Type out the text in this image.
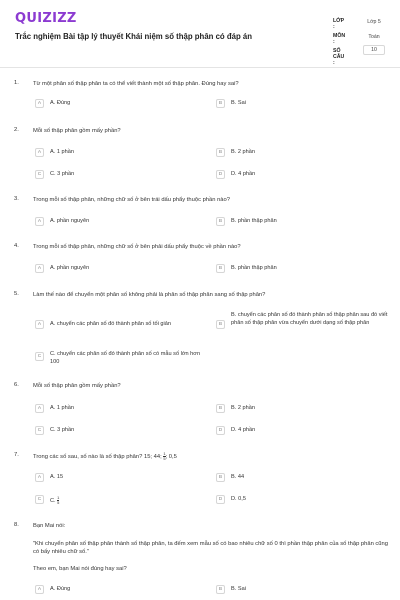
QUIZIZZ
Trắc nghiệm Bài tập lý thuyết Khái niệm số thập phân có đáp án
LỚP :
Lớp 5
MÔN :
Toán
SỐ CÂU :
10
1. Từ một phân số thập phân ta có thể viết thành một số thập phân. Đúng hay sai?
A	A. Đúng	B	B. Sai
2. Mỗi số thập phân gồm mấy phần?
A	A. 1 phần	B	B. 2 phần
C	C. 3 phần	D	D. 4 phần
3. Trong mỗi số thập phân, những chữ số ở bên trái dấu phẩy thuộc phần nào?
A	A. phần nguyên	B	B. phần thập phân
4. Trong mỗi số thập phân, những chữ số ở bên phải dấu phẩy thuộc về phần nào?
A	A. phần nguyên	B	B. phần thập phân
5. Làm thế nào để chuyển một phân số không phải là phân số thập phân sang số thập phân?
A	A. chuyển các phân số đó thành phân số tối giản	B
B. chuyển các phân số đó thành phân số thập phân sau đó viết phân số thập phân vừa chuyển dưới dạng số thập phân
C	C. chuyển các phân số đó thành phân số có mẫu số lớn hơn 100
6. Mỗi số thập phân gồm mấy phần?
A	A. 1 phần	B	B. 2 phần
C	C. 3 phần	D	D. 4 phần
7. Trong các số sau, số nào là số thập phân? 15; 44; $\frac{1}{5}$ ; 0,5
A	A. 15	B	B. 44
C	C. $\frac{1}{5}$	D	D. 0,5
8. Bạn Mai nói:
"Khi chuyển phân số thập phân thành số thập phân, ta đếm xem mẫu số có bao nhiêu chữ số 0 thì phần thập phân của số thập phân cũng có bấy nhiêu chữ số."
Theo em, bạn Mai nói đúng hay sai?
A	A. Đúng	B	B. Sai
